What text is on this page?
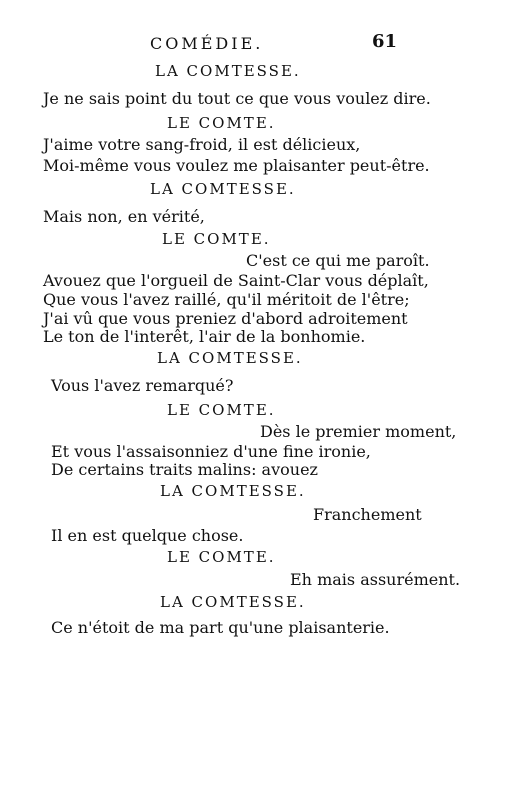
COMÉDIE.	61
LA COMTESSE.
Je ne sais point du tout ce que vous voulez dire.
LE COMTE.
J'aime votre sang-froid, il est délicieux,
Moi-même vous voulez me plaisanter peut-être.
LA COMTESSE.
Mais non, en vérité,
LE COMTE.
C'est ce qui me paroît.
Avouez que l'orgueil de Saint-Clar vous déplaît,
Que vous l'avez raillé, qu'il méritoit de l'être;
J'ai vû que vous preniez d'abord adroitement
Le ton de l'interêt, l'air de la bonhomie.
LA COMTESSE.
Vous l'avez remarqué?
LE COMTE.
Dès le premier moment,
Et vous l'assaisonniez d'une fine ironie,
De certains traits malins: avouez
LA COMTESSE.
Franchement
Il en est quelque chose.
LE COMTE.
Eh mais assurément.
LA COMTESSE.
Ce n'étoit de ma part qu'une plaisanterie.
